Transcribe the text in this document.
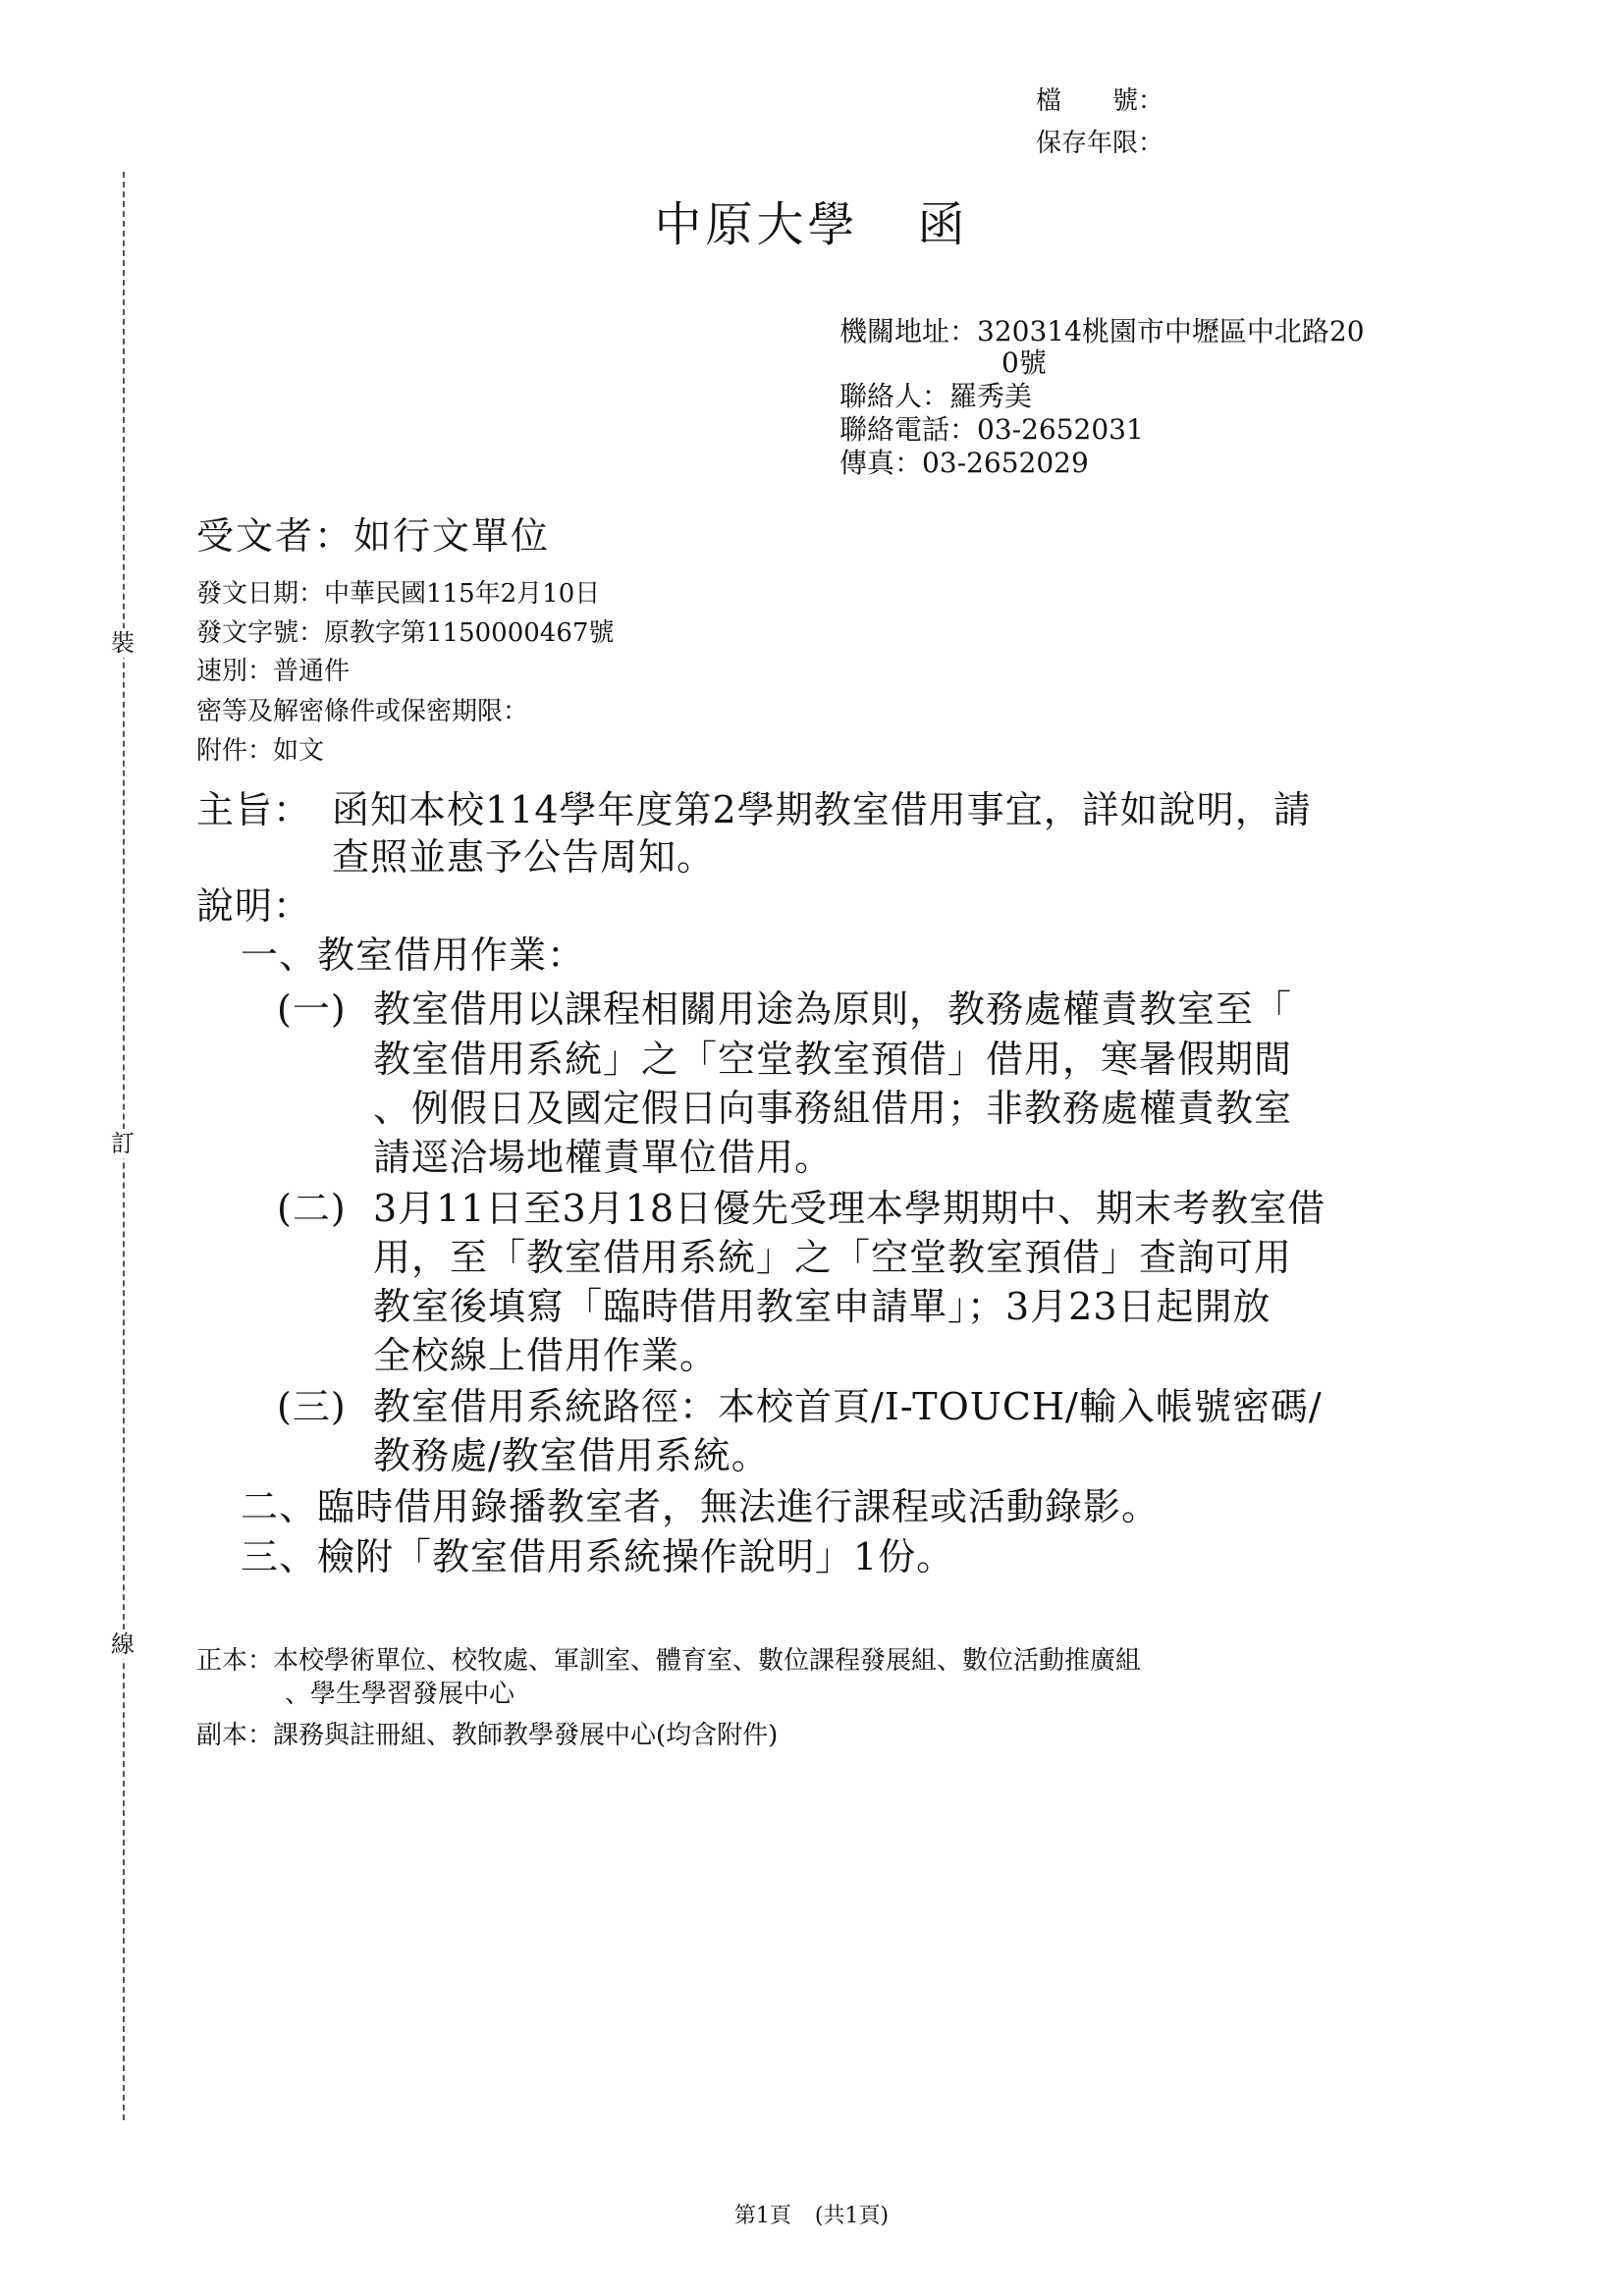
裝
訂
線
檔　　號：
保存年限：
中原大學 函
機關地址：320314桃園市中壢區中北路20
0號
聯絡人：羅秀美
聯絡電話：03-2652031
傳真：03-2652029
受文者：如行文單位
發文日期：中華民國115年2月10日
發文字號：原教字第1150000467號
速別：普通件
密等及解密條件或保密期限：
附件：如文
主旨： 函知本校114學年度第2學期教室借用事宜，詳如說明，請
查照並惠予公告周知。
說明：
一、教室借用作業：
(一) 教室借用以課程相關用途為原則，教務處權責教室至「
教室借用系統」之「空堂教室預借」借用，寒暑假期間
、例假日及國定假日向事務組借用；非教務處權責教室
請逕洽場地權責單位借用。
(二) 3月11日至3月18日優先受理本學期期中、期末考教室借
用，至「教室借用系統」之「空堂教室預借」查詢可用
教室後填寫「臨時借用教室申請單」；3月23日起開放
全校線上借用作業。
(三) 教室借用系統路徑：本校首頁/I-TOUCH/輸入帳號密碼/
教務處/教室借用系統。
二、臨時借用錄播教室者，無法進行課程或活動錄影。
三、檢附「教室借用系統操作說明」1份。
正本：本校學術單位、校牧處、軍訓室、體育室、數位課程發展組、數位活動推廣組
、學生學習發展中心
副本：課務與註冊組、教師教學發展中心(均含附件)
第1頁 (共1頁)
